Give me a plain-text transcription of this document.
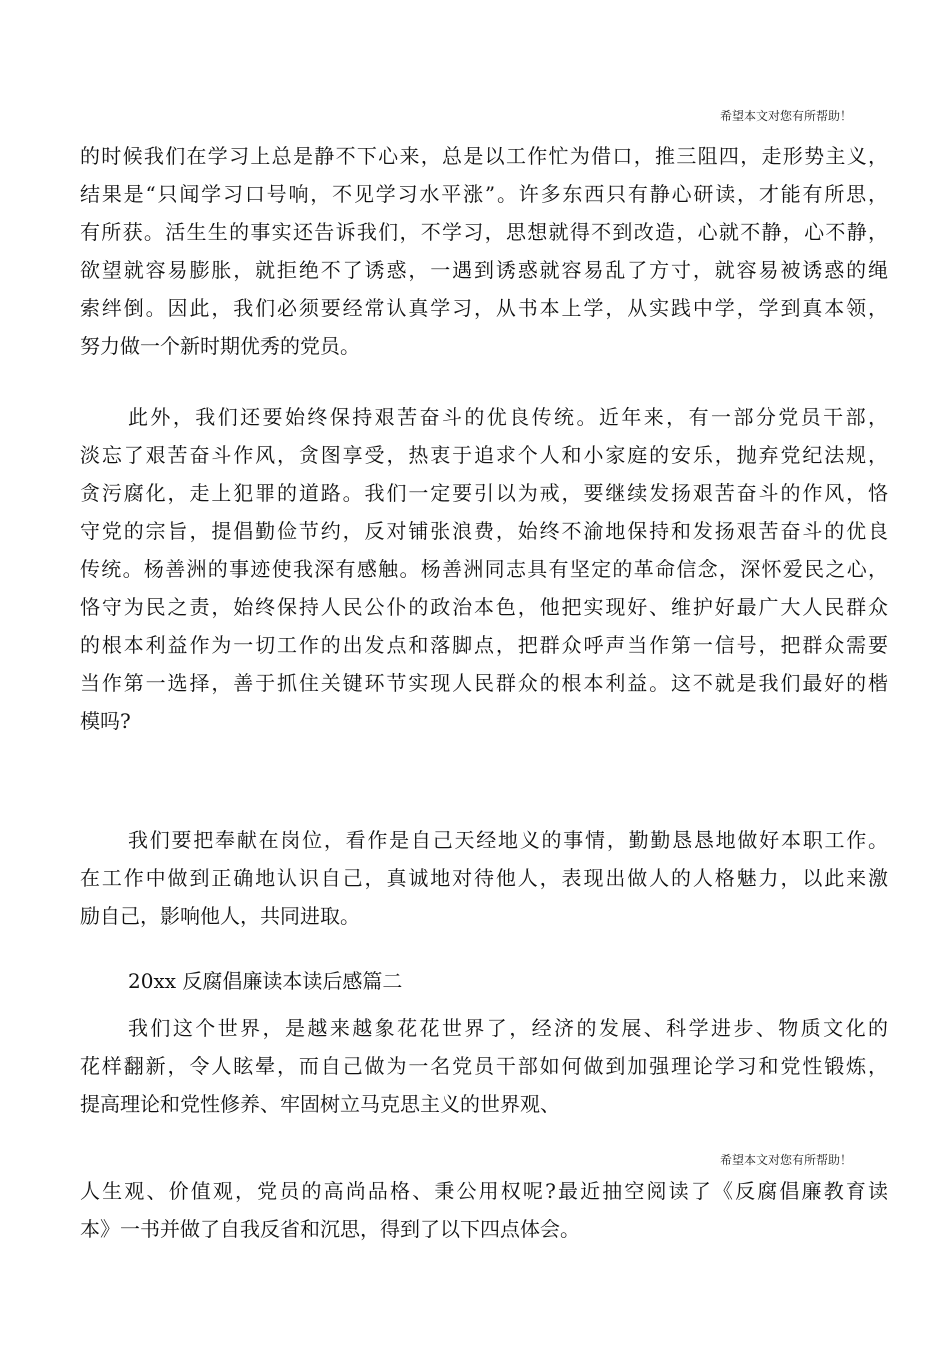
希望本文对您有所帮助！
的时候我们在学习上总是静不下心来，总是以工作忙为借口，推三阻四，走形势主义，
结果是“只闻学习口号响，不见学习水平涨”。许多东西只有静心研读，才能有所思，
有所获。活生生的事实还告诉我们，不学习，思想就得不到改造，心就不静，心不静，
欲望就容易膨胀，就拒绝不了诱惑，一遇到诱惑就容易乱了方寸，就容易被诱惑的绳
索绊倒。因此，我们必须要经常认真学习，从书本上学，从实践中学，学到真本领，
努力做一个新时期优秀的党员。
此外，我们还要始终保持艰苦奋斗的优良传统。近年来，有一部分党员干部，
淡忘了艰苦奋斗作风，贪图享受，热衷于追求个人和小家庭的安乐，抛弃党纪法规，
贪污腐化，走上犯罪的道路。我们一定要引以为戒，要继续发扬艰苦奋斗的作风，恪
守党的宗旨，提倡勤俭节约，反对铺张浪费，始终不渝地保持和发扬艰苦奋斗的优良
传统。杨善洲的事迹使我深有感触。杨善洲同志具有坚定的革命信念，深怀爱民之心，
恪守为民之责，始终保持人民公仆的政治本色，他把实现好、维护好最广大人民群众
的根本利益作为一切工作的出发点和落脚点，把群众呼声当作第一信号，把群众需要
当作第一选择，善于抓住关键环节实现人民群众的根本利益。这不就是我们最好的楷
模吗?
我们要把奉献在岗位，看作是自己天经地义的事情，勤勤恳恳地做好本职工作。
在工作中做到正确地认识自己，真诚地对待他人，表现出做人的人格魅力，以此来激
励自己，影响他人，共同进取。
20xx 反腐倡廉读本读后感篇二
我们这个世界，是越来越象花花世界了，经济的发展、科学进步、物质文化的
花样翻新，令人眩晕，而自己做为一名党员干部如何做到加强理论学习和党性锻炼，
提高理论和党性修养、牢固树立马克思主义的世界观、
希望本文对您有所帮助！
人生观、价值观，党员的高尚品格、秉公用权呢?最近抽空阅读了《反腐倡廉教育读
本》一书并做了自我反省和沉思，得到了以下四点体会。
